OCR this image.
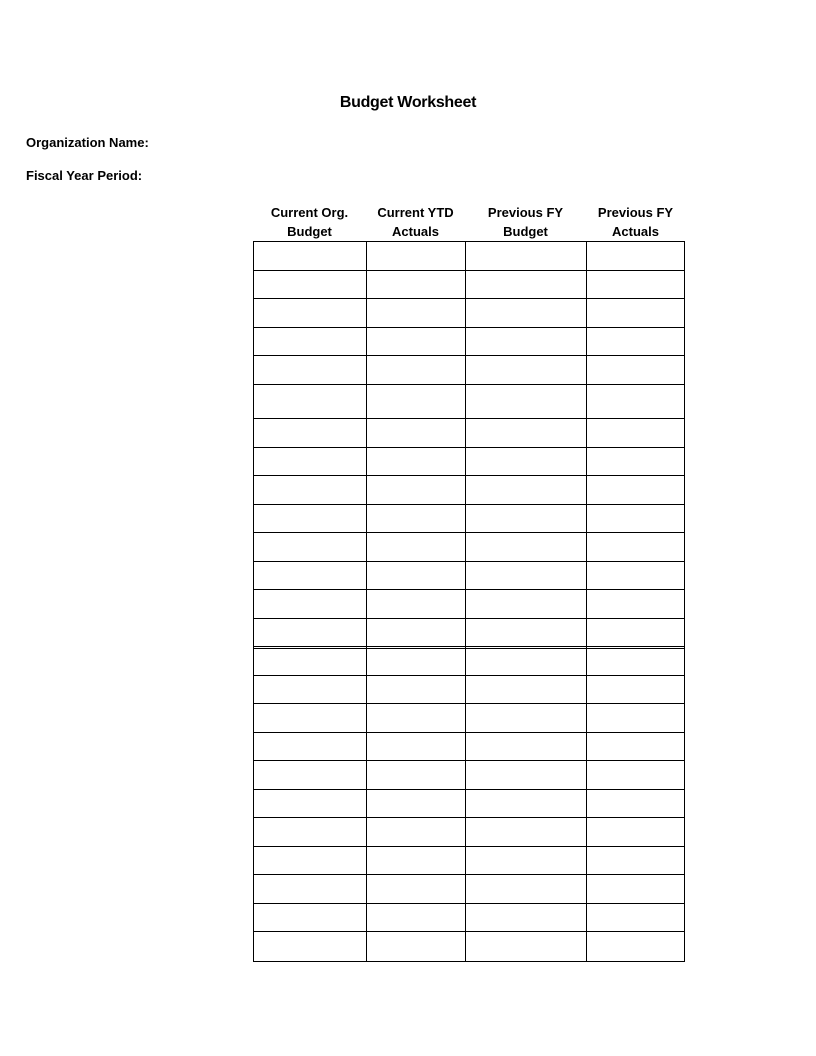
Budget Worksheet
Organization Name:
Fiscal Year Period:
Current Org.
Budget
Current YTD
Actuals
Previous FY
Budget
Previous FY
Actuals
